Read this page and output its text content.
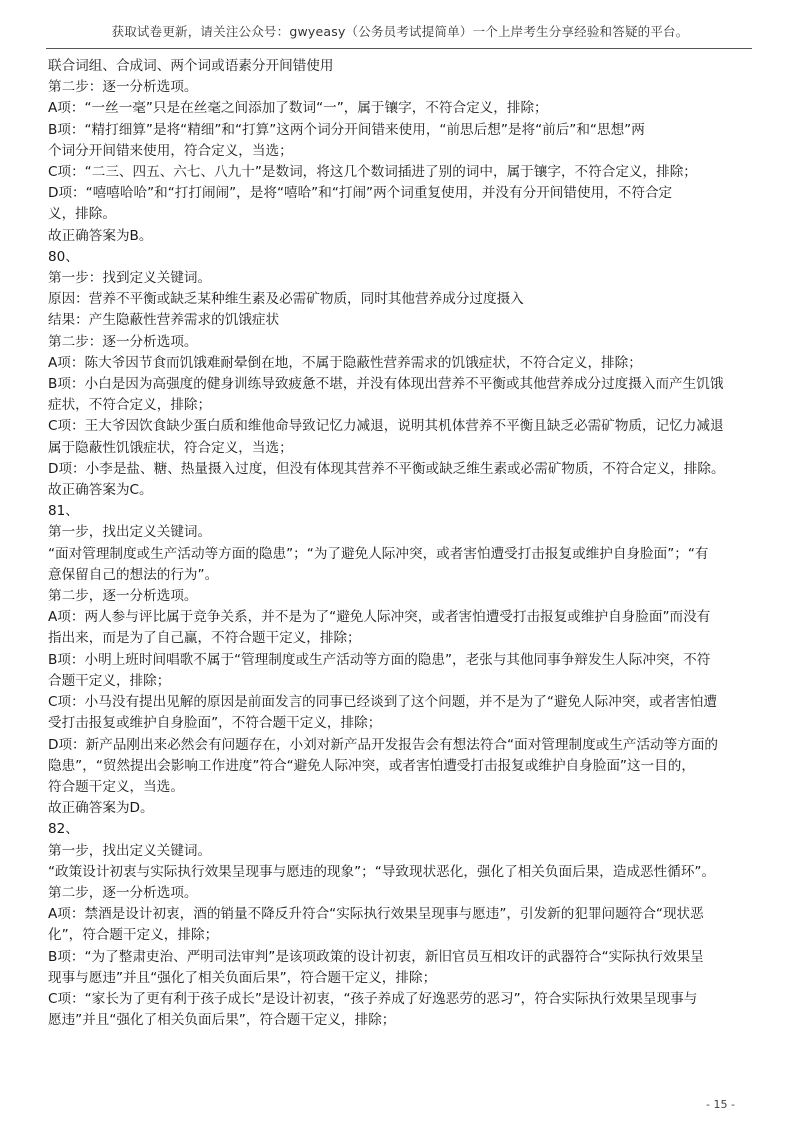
获取试卷更新，请关注公众号：gwyeasy（公务员考试提简单）一个上岸考生分享经验和答疑的平台。
联合词组、合成词、两个词或语素分开间错使用
第二步：逐一分析选项。
A项：“一丝一毫”只是在丝毫之间添加了数词“一”，属于镶字，不符合定义，排除；
B项：“精打细算”是将“精细”和“打算”这两个词分开间错来使用，“前思后想”是将“前后”和“思想”两
个词分开间错来使用，符合定义，当选；
C项：“二三、四五、六七、八九十”是数词，将这几个数词插进了别的词中，属于镶字，不符合定义，排除；
D项：“嘻嘻哈哈”和“打打闹闹”，是将“嘻哈”和“打闹”两个词重复使用，并没有分开间错使用，不符合定
义，排除。
故正确答案为B。
80、
第一步：找到定义关键词。
原因：营养不平衡或缺乏某种维生素及必需矿物质，同时其他营养成分过度摄入
结果：产生隐蔽性营养需求的饥饿症状
第二步：逐一分析选项。
A项：陈大爷因节食而饥饿难耐晕倒在地，不属于隐蔽性营养需求的饥饿症状，不符合定义，排除；
B项：小白是因为高强度的健身训练导致疲惫不堪，并没有体现出营养不平衡或其他营养成分过度摄入而产生饥饿
症状，不符合定义，排除；
C项：王大爷因饮食缺少蛋白质和维他命导致记忆力减退，说明其机体营养不平衡且缺乏必需矿物质，记忆力减退
属于隐蔽性饥饿症状，符合定义，当选；
D项：小李是盐、糖、热量摄入过度，但没有体现其营养不平衡或缺乏维生素或必需矿物质，不符合定义，排除。
故正确答案为C。
81、
第一步，找出定义关键词。
“面对管理制度或生产活动等方面的隐患”；“为了避免人际冲突，或者害怕遭受打击报复或维护自身脸面”；“有
意保留自己的想法的行为”。
第二步，逐一分析选项。
A项：两人参与评比属于竞争关系，并不是为了“避免人际冲突，或者害怕遭受打击报复或维护自身脸面”而没有
指出来，而是为了自己赢，不符合题干定义，排除；
B项：小明上班时间唱歌不属于“管理制度或生产活动等方面的隐患”，老张与其他同事争辩发生人际冲突，不符
合题干定义，排除；
C项：小马没有提出见解的原因是前面发言的同事已经谈到了这个问题，并不是为了“避免人际冲突，或者害怕遭
受打击报复或维护自身脸面”，不符合题干定义，排除；
D项：新产品刚出来必然会有问题存在，小刘对新产品开发报告会有想法符合“面对管理制度或生产活动等方面的
隐患”，“贸然提出会影响工作进度”符合“避免人际冲突，或者害怕遭受打击报复或维护自身脸面”这一目的，
符合题干定义，当选。
故正确答案为D。
82、
第一步，找出定义关键词。
“政策设计初衷与实际执行效果呈现事与愿违的现象”；“导致现状恶化，强化了相关负面后果，造成恶性循环”。
第二步，逐一分析选项。
A项：禁酒是设计初衷，酒的销量不降反升符合“实际执行效果呈现事与愿违”，引发新的犯罪问题符合“现状恶
化”，符合题干定义，排除；
B项：“为了整肃吏治、严明司法审判”是该项政策的设计初衷，新旧官员互相攻讦的武器符合“实际执行效果呈
现事与愿违”并且“强化了相关负面后果”，符合题干定义，排除；
C项：“家长为了更有利于孩子成长”是设计初衷，“孩子养成了好逸恶劳的恶习”，符合实际执行效果呈现事与
愿违”并且“强化了相关负面后果”，符合题干定义，排除；
- 15 -
